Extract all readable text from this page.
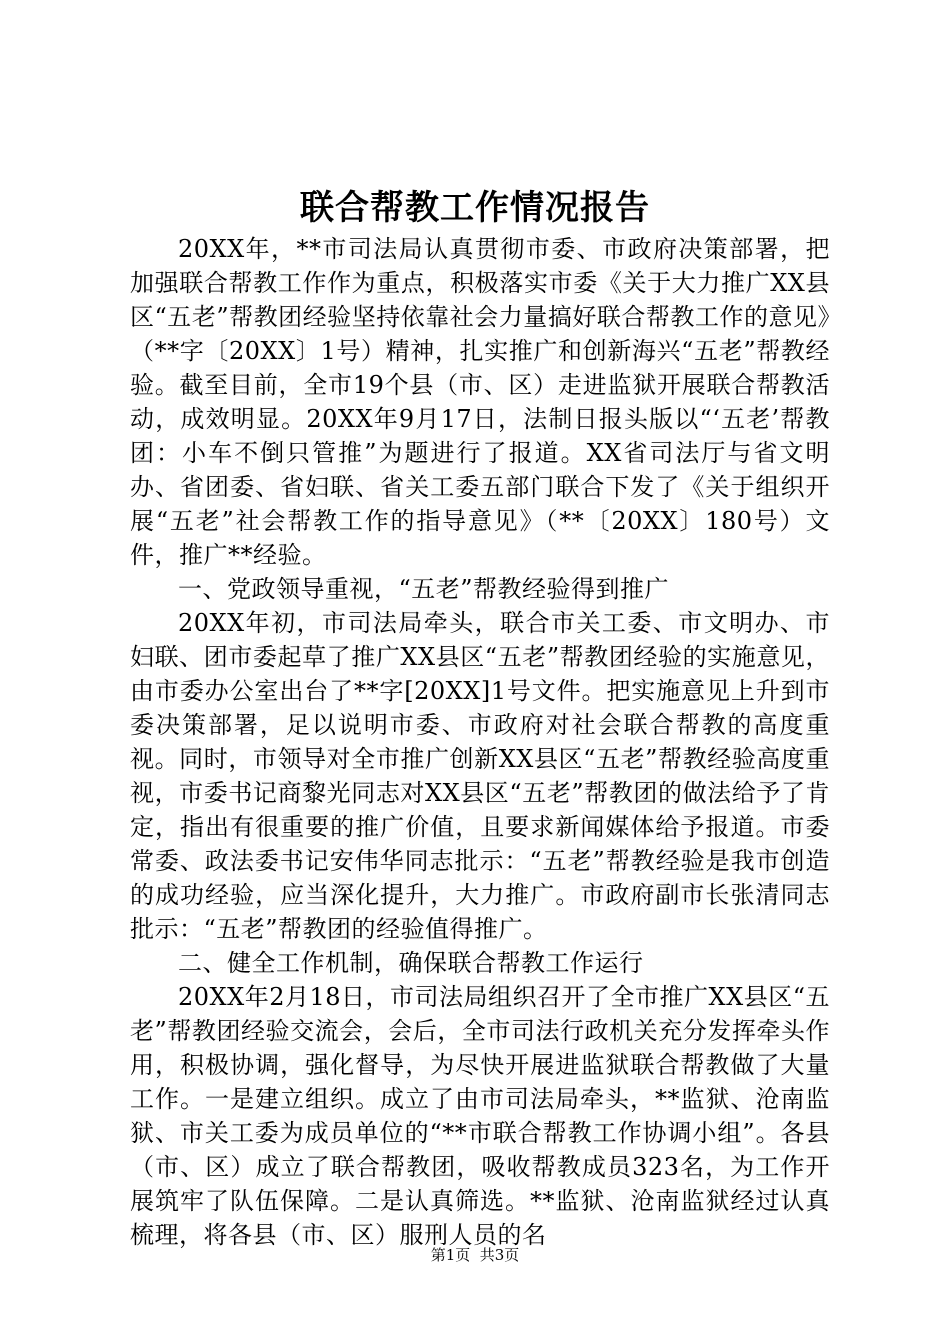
联合帮教工作情况报告

20XX年，**市司法局认真贯彻市委、市政府决策部署，把加强联合帮教工作作为重点，积极落实市委《关于大力推广XX县区“五老”帮教团经验坚持依靠社会力量搞好联合帮教工作的意见》（**字〔20XX〕1号）精神，扎实推广和创新海兴“五老”帮教经验。截至目前，全市19个县（市、区）走进监狱开展联合帮教活动，成效明显。20XX年9月17日，法制日报头版以“‘五老’帮教团：小车不倒只管推”为题进行了报道。XX省司法厅与省文明办、省团委、省妇联、省关工委五部门联合下发了《关于组织开展“五老”社会帮教工作的指导意见》（**〔20XX〕180号）文件，推广**经验。

一、党政领导重视，“五老”帮教经验得到推广

20XX年初，市司法局牵头，联合市关工委、市文明办、市妇联、团市委起草了推广XX县区“五老”帮教团经验的实施意见，由市委办公室出台了**字[20XX]1号文件。把实施意见上升到市委决策部署，足以说明市委、市政府对社会联合帮教的高度重视。同时，市领导对全市推广创新XX县区“五老”帮教经验高度重视，市委书记商黎光同志对XX县区“五老”帮教团的做法给予了肯定，指出有很重要的推广价值，且要求新闻媒体给予报道。市委常委、政法委书记安伟华同志批示：“五老”帮教经验是我市创造的成功经验，应当深化提升，大力推广。市政府副市长张清同志批示：“五老”帮教团的经验值得推广。

二、健全工作机制，确保联合帮教工作运行

20XX年2月18日，市司法局组织召开了全市推广XX县区“五老”帮教团经验交流会，会后，全市司法行政机关充分发挥牵头作用，积极协调，强化督导，为尽快开展进监狱联合帮教做了大量工作。一是建立组织。成立了由市司法局牵头，**监狱、沧南监狱、市关工委为成员单位的“**市联合帮教工作协调小组”。各县（市、区）成立了联合帮教团，吸收帮教成员323名，为工作开展筑牢了队伍保障。二是认真筛选。**监狱、沧南监狱经过认真梳理，将各县（市、区）服刑人员的名

第1页  共3页
